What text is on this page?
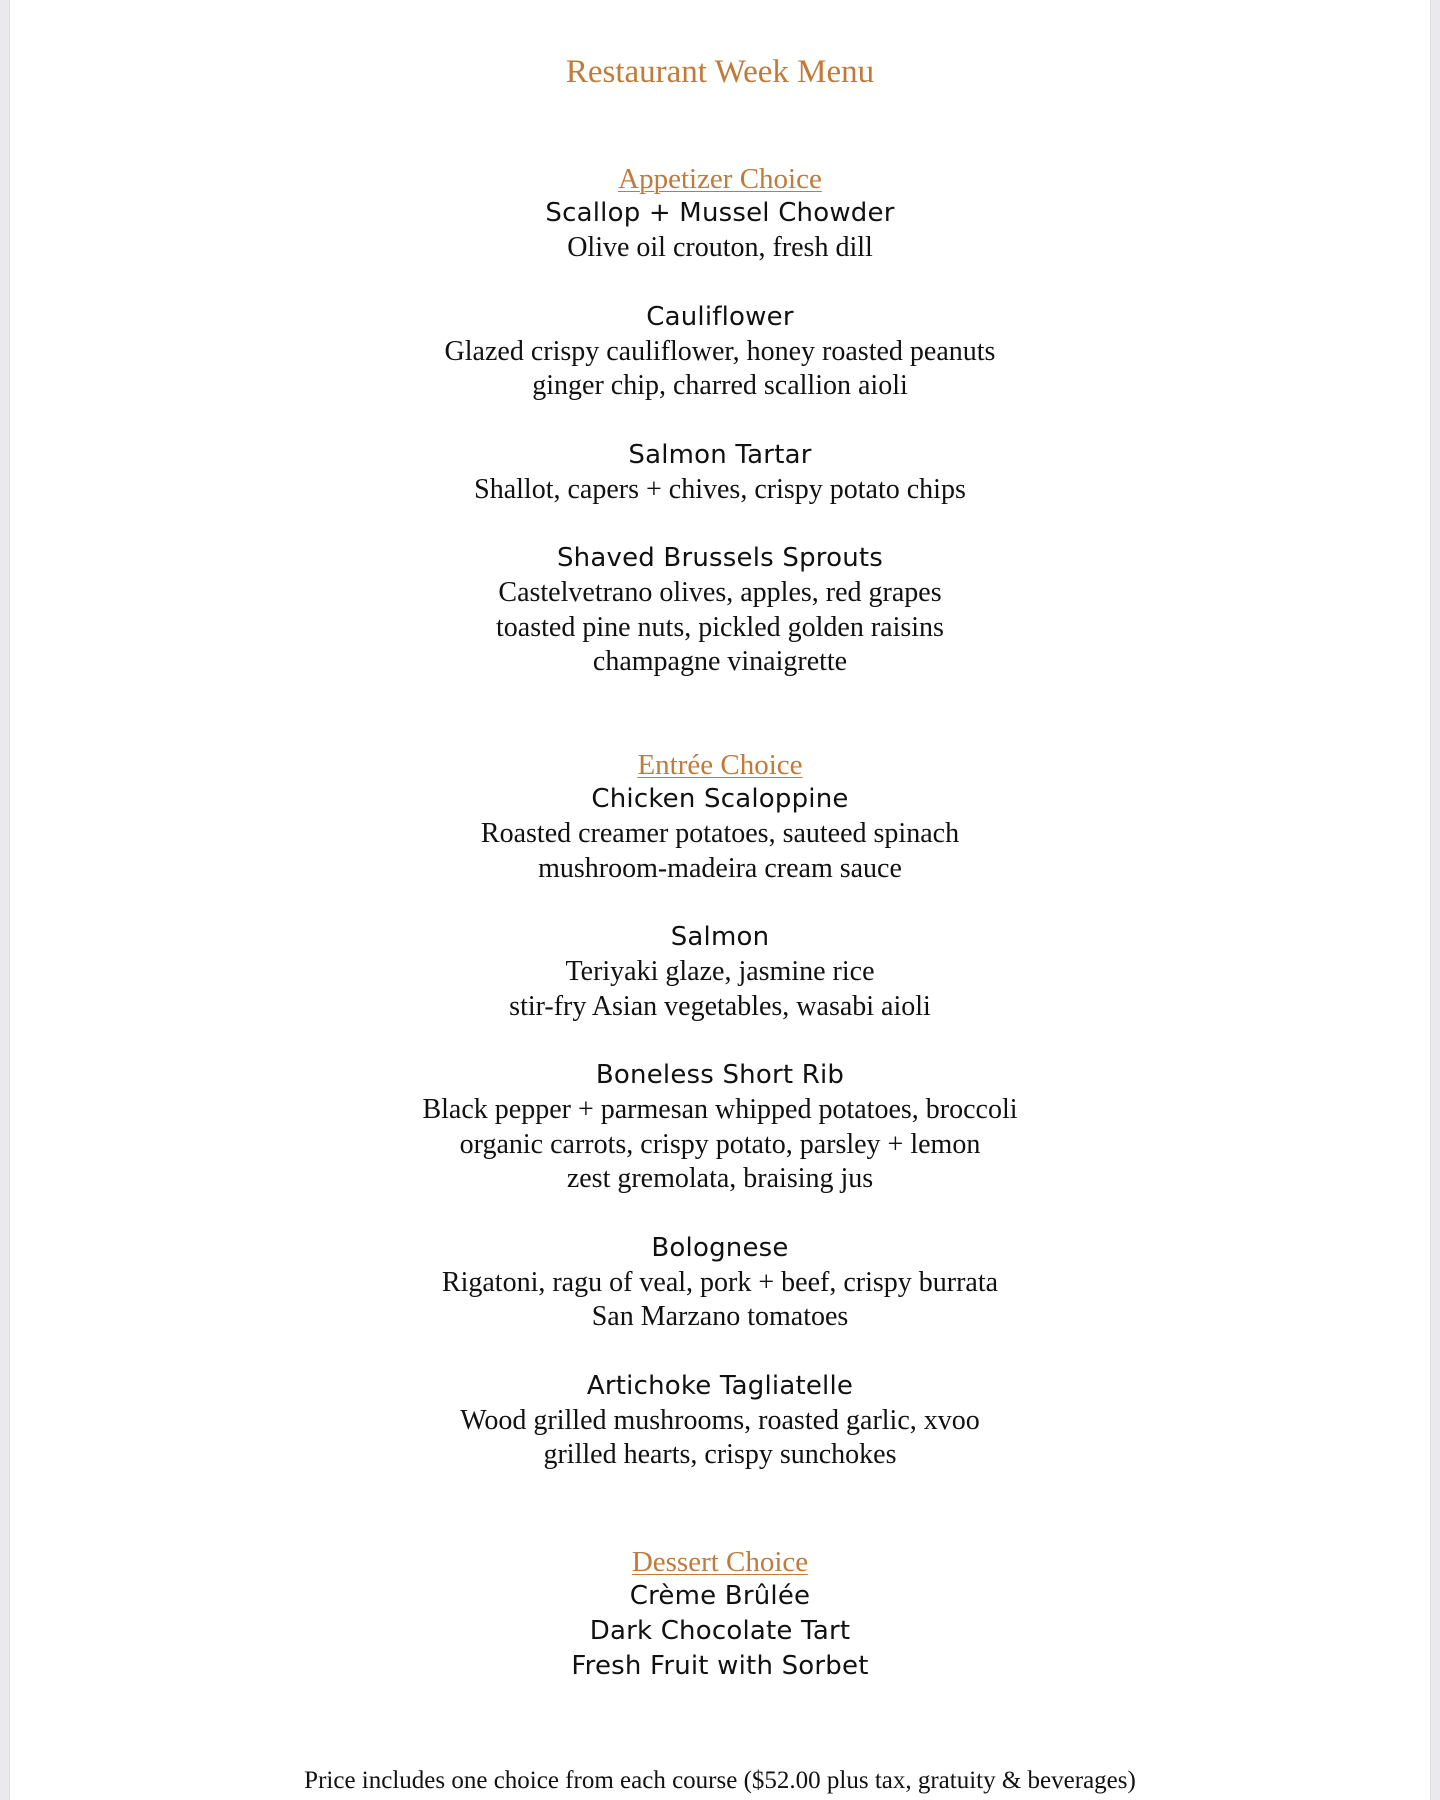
Restaurant Week Menu
Appetizer Choice
Scallop + Mussel Chowder
Olive oil crouton, fresh dill
Cauliflower
Glazed crispy cauliflower, honey roasted peanuts
ginger chip, charred scallion aioli
Salmon Tartar
Shallot, capers + chives, crispy potato chips
Shaved Brussels Sprouts
Castelvetrano olives, apples, red grapes
toasted pine nuts, pickled golden raisins
champagne vinaigrette
Entrée Choice
Chicken Scaloppine
Roasted creamer potatoes, sauteed spinach
mushroom-madeira cream sauce
Salmon
Teriyaki glaze, jasmine rice
stir-fry Asian vegetables, wasabi aioli
Boneless Short Rib
Black pepper + parmesan whipped potatoes, broccoli
organic carrots, crispy potato, parsley + lemon
zest gremolata, braising jus
Bolognese
Rigatoni, ragu of veal, pork + beef, crispy burrata
San Marzano tomatoes
Artichoke Tagliatelle
Wood grilled mushrooms, roasted garlic, xvoo
grilled hearts, crispy sunchokes
Dessert Choice
Crème Brûlée
Dark Chocolate Tart
Fresh Fruit with Sorbet
Price includes one choice from each course ($52.00 plus tax, gratuity & beverages)
